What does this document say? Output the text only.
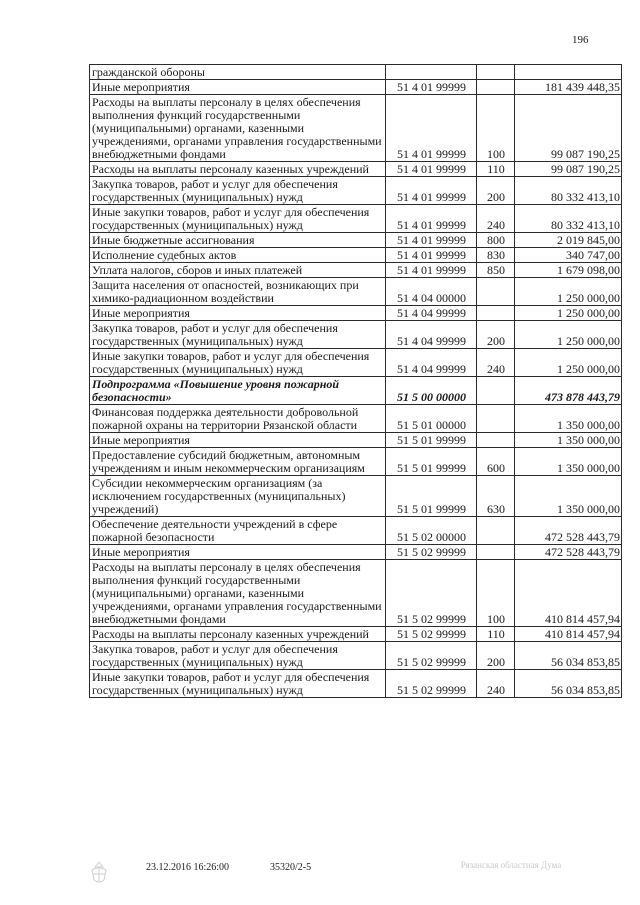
196
гражданской обороны			
Иные мероприятия	51 4 01 99999		181 439 448,35
Расходы на выплаты персоналу в целях обеспечения выполнения функций государственными (муниципальными) органами, казенными учреждениями, органами управления государственными внебюджетными фондами	51 4 01 99999	100	99 087 190,25
Расходы на выплаты персоналу казенных учреждений	51 4 01 99999	110	99 087 190,25
Закупка товаров, работ и услуг для обеспечения государственных (муниципальных) нужд	51 4 01 99999	200	80 332 413,10
Иные закупки товаров, работ и услуг для обеспечения государственных (муниципальных) нужд	51 4 01 99999	240	80 332 413,10
Иные бюджетные ассигнования	51 4 01 99999	800	2 019 845,00
Исполнение судебных актов	51 4 01 99999	830	340 747,00
Уплата налогов, сборов и иных платежей	51 4 01 99999	850	1 679 098,00
Защита населения от опасностей, возникающих при химико-радиационном воздействии	51 4 04 00000		1 250 000,00
Иные мероприятия	51 4 04 99999		1 250 000,00
Закупка товаров, работ и услуг для обеспечения государственных (муниципальных) нужд	51 4 04 99999	200	1 250 000,00
Иные закупки товаров, работ и услуг для обеспечения государственных (муниципальных) нужд	51 4 04 99999	240	1 250 000,00
Подпрограмма «Повышение уровня пожарной безопасности»	51 5 00 00000		473 878 443,79
Финансовая поддержка деятельности добровольной пожарной охраны на территории Рязанской области	51 5 01 00000		1 350 000,00
Иные мероприятия	51 5 01 99999		1 350 000,00
Предоставление субсидий бюджетным, автономным учреждениям и иным некоммерческим организациям	51 5 01 99999	600	1 350 000,00
Субсидии некоммерческим организациям (за исключением государственных (муниципальных) учреждений)	51 5 01 99999	630	1 350 000,00
Обеспечение деятельности учреждений в сфере пожарной безопасности	51 5 02 00000		472 528 443,79
Иные мероприятия	51 5 02 99999		472 528 443,79
Расходы на выплаты персоналу в целях обеспечения выполнения функций государственными (муниципальными) органами, казенными учреждениями, органами управления государственными внебюджетными фондами	51 5 02 99999	100	410 814 457,94
Расходы на выплаты персоналу казенных учреждений	51 5 02 99999	110	410 814 457,94
Закупка товаров, работ и услуг для обеспечения государственных (муниципальных) нужд	51 5 02 99999	200	56 034 853,85
Иные закупки товаров, работ и услуг для обеспечения государственных (муниципальных) нужд	51 5 02 99999	240	56 034 853,85
23.12.2016 16:26:00	35320/2-5	Рязанская областная Дума
